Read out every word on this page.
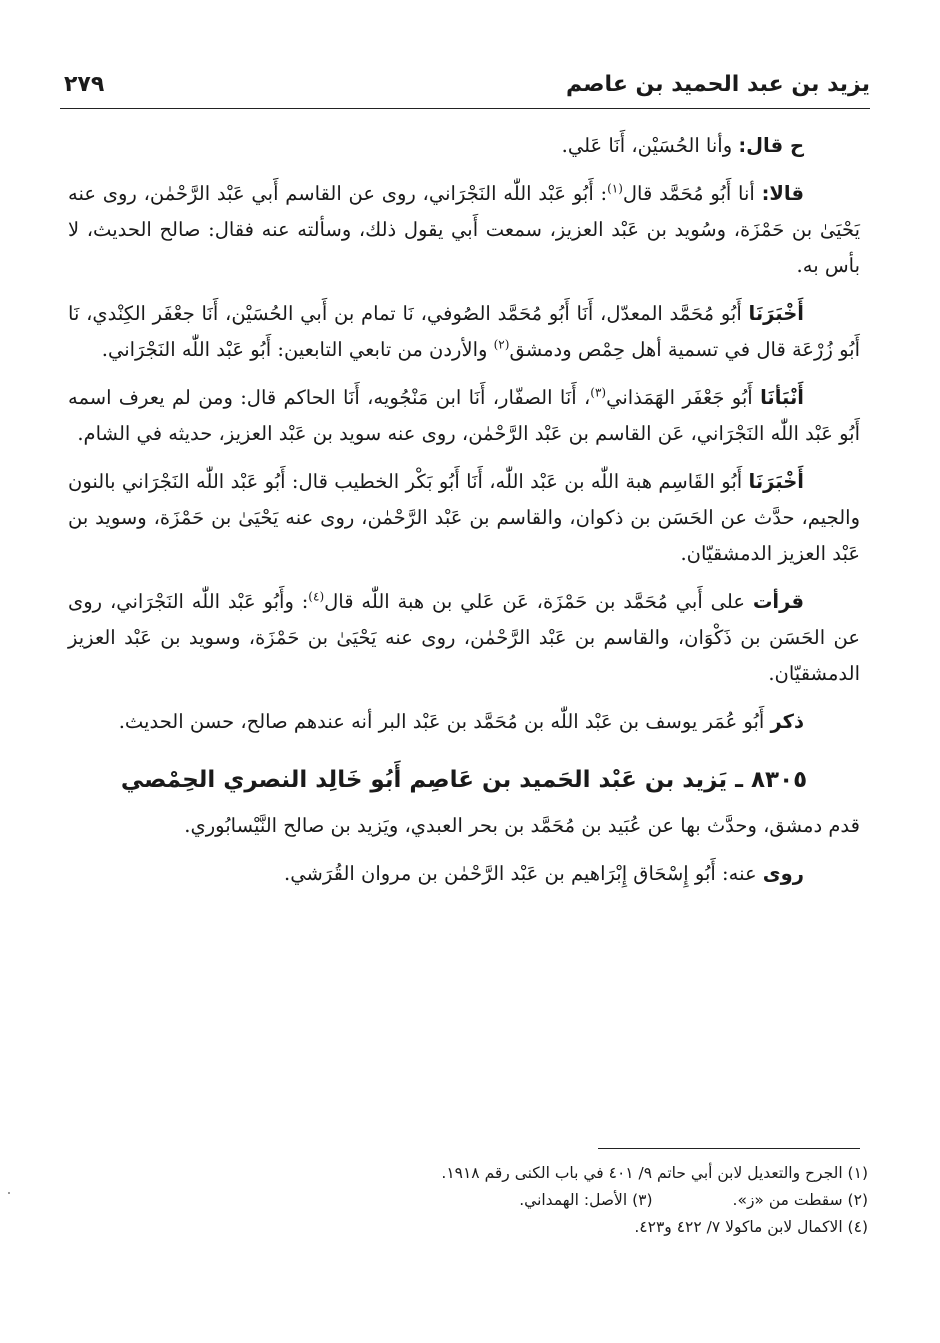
يزيد بن عبد الحميد بن عاصم
٢٧٩

ح قال: وأنا الحُسَيْن، أَنَا عَلي.

قالا: أنا أَبُو مُحَمَّد قال$^{(١)}$: أَبُو عَبْد اللّٰه النَجْرَاني، روى عن القاسم أَبي عَبْد الرَّحْمٰن، روى عنه يَحْيَىٰ بن حَمْزَة، وسُويد بن عَبْد العزيز، سمعت أَبي يقول ذلك، وسألته عنه فقال: صالح الحديث، لا بأس به.

أَخْبَرَنَا أَبُو مُحَمَّد المعدّل، أَنَا أَبُو مُحَمَّد الصُوفي، نَا تمام بن أَبي الحُسَيْن، أَنَا جعْفَر الكِنْدي، نَا أَبُو زُرْعَة قال في تسمية أهل حِمْص ودمشق$^{(٢)}$ والأردن من تابعي التابعين: أَبُو عَبْد اللّٰه النَجْرَاني.

أَنْبَأنَا أَبُو جَعْفَر الهَمَذاني$^{(٣)}$، أَنَا الصفّار، أَنَا ابن مَنْجُويه، أَنَا الحاكم قال: ومن لم يعرف اسمه أَبُو عَبْد اللّٰه النَجْرَاني، عَن القاسم بن عَبْد الرَّحْمٰن، روى عنه سويد بن عَبْد العزيز، حديثه في الشام.

أَخْبَرَنَا أَبُو القَاسِم هبة اللّٰه بن عَبْد اللّٰه، أَنَا أَبُو بَكْر الخطيب قال: أَبُو عَبْد اللّٰه النَجْرَاني بالنون والجيم، حدَّث عن الحَسَن بن ذكوان، والقاسم بن عَبْد الرَّحْمٰن، روى عنه يَحْيَىٰ بن حَمْزَة، وسويد بن عَبْد العزيز الدمشقيّان.

قرأت على أَبي مُحَمَّد بن حَمْزَة، عَن عَلي بن هبة اللّٰه قال$^{(٤)}$: وأَبُو عَبْد اللّٰه النَجْرَاني، روى عن الحَسَن بن ذَكْوَان، والقاسم بن عَبْد الرَّحْمٰن، روى عنه يَحْيَىٰ بن حَمْزَة، وسويد بن عَبْد العزيز الدمشقيّان.

ذكر أَبُو عُمَر يوسف بن عَبْد اللّٰه بن مُحَمَّد بن عَبْد البر أنه عندهم صالح، حسن الحديث.

٨٣٠٥ ـ يَزيد بن عَبْد الحَميد بن عَاصِم أَبُو خَالِد النصري الحِمْصي

قدم دمشق، وحدَّث بها عن عُبَيد بن مُحَمَّد بن بحر العبدي، ويَزيد بن صالح النَّيْسابُوري.

روى عنه: أَبُو إِسْحَاق إِبْرَاهيم بن عَبْد الرَّحْمٰن بن مروان القُرَشي.

(١) الجرح والتعديل لابن أبي حاتم ٩/ ٤٠١ في باب الكنى رقم ١٩١٨.
(٢) سقطت من «ز».(٣) الأصل: الهمداني.
(٤) الاكمال لابن ماكولا ٧/ ٤٢٢ و٤٢٣.
